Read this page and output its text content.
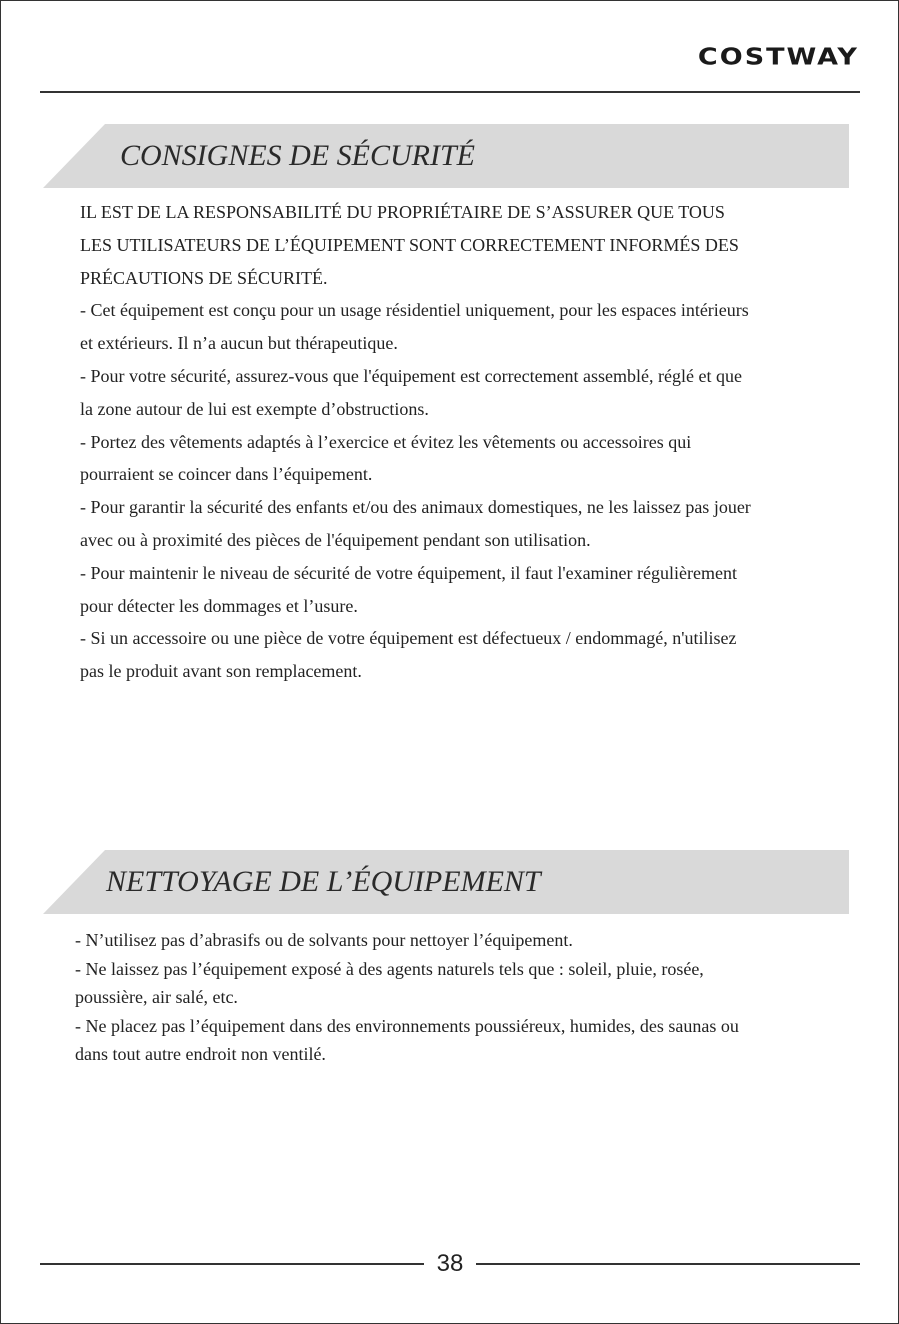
COSTWAY
CONSIGNES DE SÉCURITÉ

IL EST DE LA RESPONSABILITÉ DU PROPRIÉTAIRE DE S’ASSURER QUE TOUS

LES UTILISATEURS DE L’ÉQUIPEMENT SONT CORRECTEMENT INFORMÉS DES

PRÉCAUTIONS DE SÉCURITÉ.

- Cet équipement est conçu pour un usage résidentiel uniquement, pour les espaces intérieurs

et extérieurs. Il n’a aucun but thérapeutique.

- Pour votre sécurité, assurez-vous que l'équipement est correctement assemblé, réglé et que

la zone autour de lui est exempte d’obstructions.

- Portez des vêtements adaptés à l’exercice et évitez les vêtements ou accessoires qui

pourraient se coincer dans l’équipement.

- Pour garantir la sécurité des enfants et/ou des animaux domestiques, ne les laissez pas jouer

avec ou à proximité des pièces de l'équipement pendant son utilisation.

- Pour maintenir le niveau de sécurité de votre équipement, il faut l'examiner régulièrement

pour détecter les dommages et l’usure.

- Si un accessoire ou une pièce de votre équipement est défectueux / endommagé, n'utilisez

pas le produit avant son remplacement.

NETTOYAGE DE L’ÉQUIPEMENT

- N’utilisez pas d’abrasifs ou de solvants pour nettoyer l’équipement.

- Ne laissez pas l’équipement exposé à des agents naturels tels que : soleil, pluie, rosée,

poussière, air salé, etc.

- Ne placez pas l’équipement dans des environnements poussiéreux, humides, des saunas ou

dans tout autre endroit non ventilé.

38
